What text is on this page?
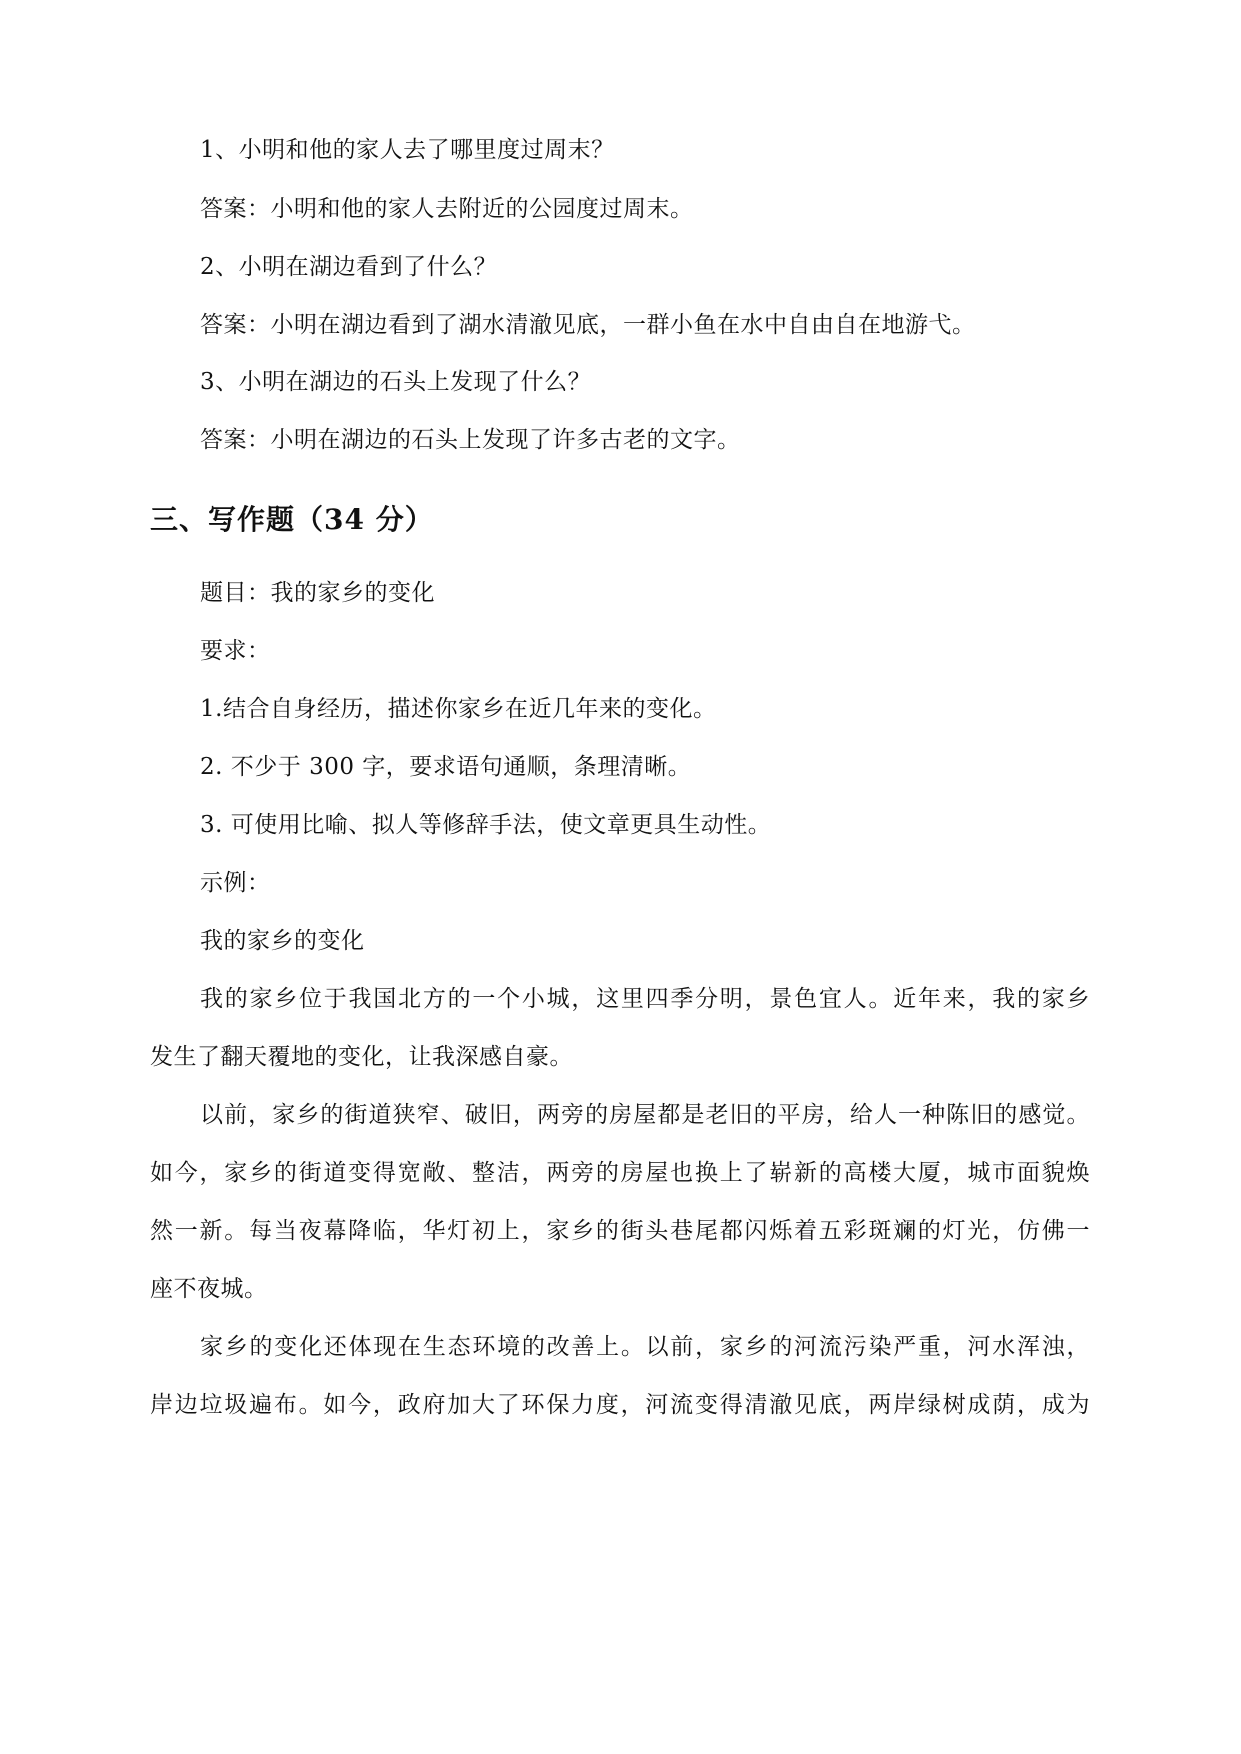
1、小明和他的家人去了哪里度过周末？
答案：小明和他的家人去附近的公园度过周末。
2、小明在湖边看到了什么？
答案：小明在湖边看到了湖水清澈见底，一群小鱼在水中自由自在地游弋。
3、小明在湖边的石头上发现了什么？
答案：小明在湖边的石头上发现了许多古老的文字。
三、写作题（34 分）
题目：我的家乡的变化
要求：
1.结合自身经历，描述你家乡在近几年来的变化。
2. 不少于 300 字，要求语句通顺，条理清晰。
3. 可使用比喻、拟人等修辞手法，使文章更具生动性。
示例：
我的家乡的变化
我的家乡位于我国北方的一个小城，这里四季分明，景色宜人。近年来，我的家乡
发生了翻天覆地的变化，让我深感自豪。
以前，家乡的街道狭窄、破旧，两旁的房屋都是老旧的平房，给人一种陈旧的感觉。
如今，家乡的街道变得宽敞、整洁，两旁的房屋也换上了崭新的高楼大厦，城市面貌焕
然一新。每当夜幕降临，华灯初上，家乡的街头巷尾都闪烁着五彩斑斓的灯光，仿佛一
座不夜城。
家乡的变化还体现在生态环境的改善上。以前，家乡的河流污染严重，河水浑浊，
岸边垃圾遍布。如今，政府加大了环保力度，河流变得清澈见底，两岸绿树成荫，成为
